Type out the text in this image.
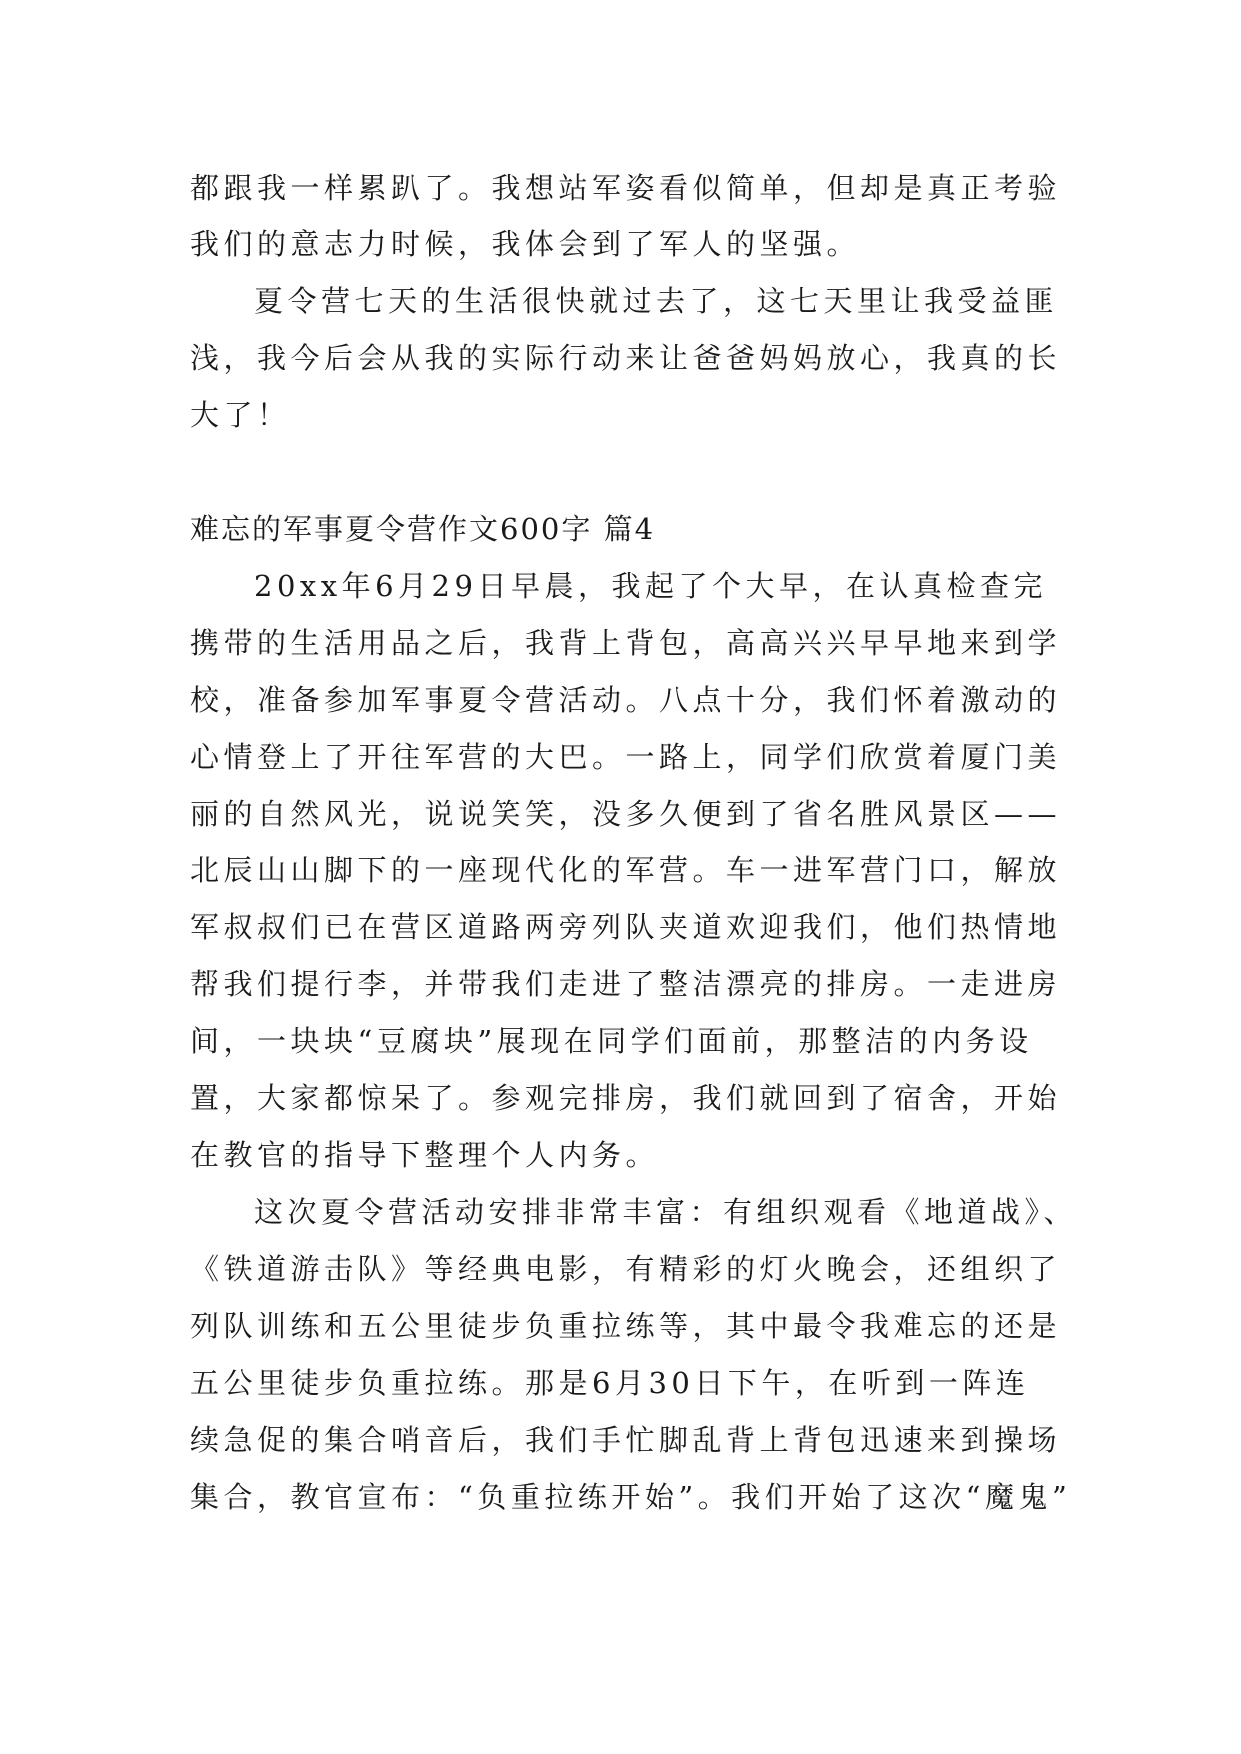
都跟我一样累趴了。我想站军姿看似简单，但却是真正考验
我们的意志力时候，我体会到了军人的坚强。
夏令营七天的生活很快就过去了，这七天里让我受益匪
浅，我今后会从我的实际行动来让爸爸妈妈放心，我真的长
大了！
难忘的军事夏令营作文600字 篇4
20xx年6月29日早晨，我起了个大早，在认真检查完
携带的生活用品之后，我背上背包，高高兴兴早早地来到学
校，准备参加军事夏令营活动。八点十分，我们怀着激动的
心情登上了开往军营的大巴。一路上，同学们欣赏着厦门美
丽的自然风光，说说笑笑，没多久便到了省名胜风景区——
北辰山山脚下的一座现代化的军营。车一进军营门口，解放
军叔叔们已在营区道路两旁列队夹道欢迎我们，他们热情地
帮我们提行李，并带我们走进了整洁漂亮的排房。一走进房
间，一块块“豆腐块”展现在同学们面前，那整洁的内务设
置，大家都惊呆了。参观完排房，我们就回到了宿舍，开始
在教官的指导下整理个人内务。
这次夏令营活动安排非常丰富：有组织观看《地道战》、
《铁道游击队》等经典电影，有精彩的灯火晚会，还组织了
列队训练和五公里徒步负重拉练等，其中最令我难忘的还是
五公里徒步负重拉练。那是6月30日下午，在听到一阵连
续急促的集合哨音后，我们手忙脚乱背上背包迅速来到操场
集合，教官宣布：“负重拉练开始”。我们开始了这次“魔鬼”
